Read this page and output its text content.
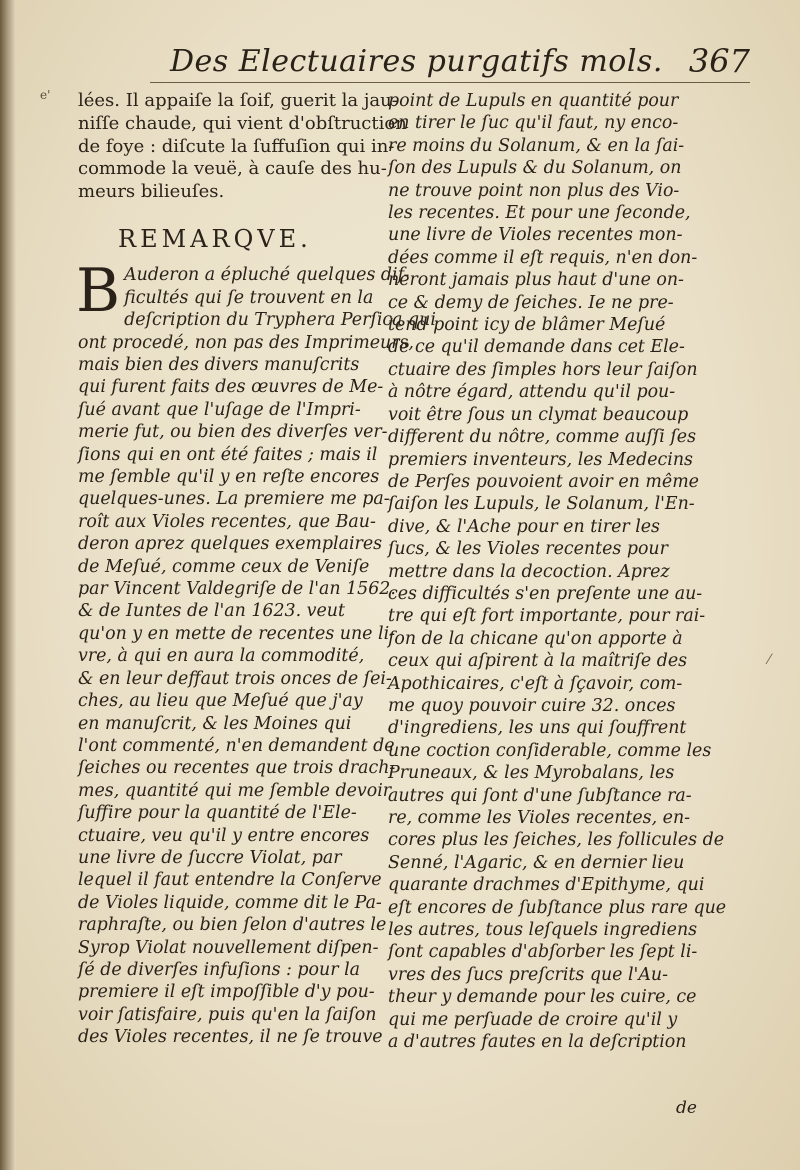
Des Electuaires purgatifs mols. 367
e' lées. Il appaiſe la ſoif, guerit la jau-
niſſe chaude, qui vient d'obſtruction
de foye : diſcute la ſuffuſion qui in-
commode la veuë, à cauſe des hu-
meurs bilieuſes.
REMARQVE.
B Auderon a épluché quelques dif-
ficultés qui ſe trouvent en la
deſcription du Tryphera Perſica qui
ont procedé, non pas des Imprimeurs,
mais bien des divers manuſcrits
qui furent faits des œuvres de Me-
ſué avant que l'uſage de l'Impri-
merie fut, ou bien des diverſes ver-
ſions qui en ont été faites ; mais il
me ſemble qu'il y en reſte encores
quelques-unes. La premiere me pa-
roît aux Violes recentes, que Bau-
deron aprez quelques exemplaires
de Meſué, comme ceux de Veniſe
par Vincent Valdegriſe de l'an 1562.
& de Iuntes de l'an 1623. veut
qu'on y en mette de recentes une li-
vre, à qui en aura la commodité,
& en leur deffaut trois onces de ſei-
ches, au lieu que Meſué que j'ay
en manuſcrit, & les Moines qui
l'ont commenté, n'en demandent de
ſeiches ou recentes que trois drach-
mes, quantité qui me ſemble devoir
ſuffire pour la quantité de l'Ele-
ctuaire, veu qu'il y entre encores
une livre de ſuccre Violat, par
lequel il faut entendre la Conſerve
de Violes liquide, comme dit le Pa-
raphraſte, ou bien ſelon d'autres le
Syrop Violat nouvellement diſpen-
ſé de diverſes infuſions : pour la
premiere il eſt impoſſible d'y pou-
voir ſatisfaire, puis qu'en la ſaiſon
des Violes recentes, il ne ſe trouve
point de Lupuls en quantité pour
en tirer le ſuc qu'il faut, ny enco-
re moins du Solanum, & en la ſai-
ſon des Lupuls & du Solanum, on
ne trouve point non plus des Vio-
les recentes. Et pour une ſeconde,
une livre de Violes recentes mon-
dées comme il eſt requis, n'en don-
neront jamais plus haut d'une on-
ce & demy de ſeiches. Ie ne pre-
tend point icy de blâmer Meſué
de ce qu'il demande dans cet Ele-
ctuaire des ſimples hors leur ſaiſon
à nôtre égard, attendu qu'il pou-
voit être ſous un clymat beaucoup
different du nôtre, comme auſſi ſes
premiers inventeurs, les Medecins
de Perſes pouvoient avoir en même
ſaiſon les Lupuls, le Solanum, l'En-
dive, & l'Ache pour en tirer les
ſucs, & les Violes recentes pour
mettre dans la decoction. Aprez
ces difficultés s'en preſente une au-
tre qui eſt fort importante, pour rai-
ſon de la chicane qu'on apporte à
ceux qui aſpirent à la maîtriſe des
Apothicaires, c'eſt à ſçavoir, com-
me quoy pouvoir cuire 32. onces
d'ingrediens, les uns qui ſouffrent
une coction conſiderable, comme les
Pruneaux, & les Myrobalans, les
autres qui ſont d'une ſubſtance ra-
re, comme les Violes recentes, en-
cores plus les ſeiches, les follicules de
Senné, l'Agaric, & en dernier lieu
quarante drachmes d'Epithyme, qui
eſt encores de ſubſtance plus rare que
les autres, tous leſquels ingrediens
ſont capables d'abſorber les ſept li-
vres des ſucs preſcrits que l'Au-
theur y demande pour les cuire, ce
qui me perſuade de croire qu'il y
a d'autres fautes en la deſcription
de
⁄
